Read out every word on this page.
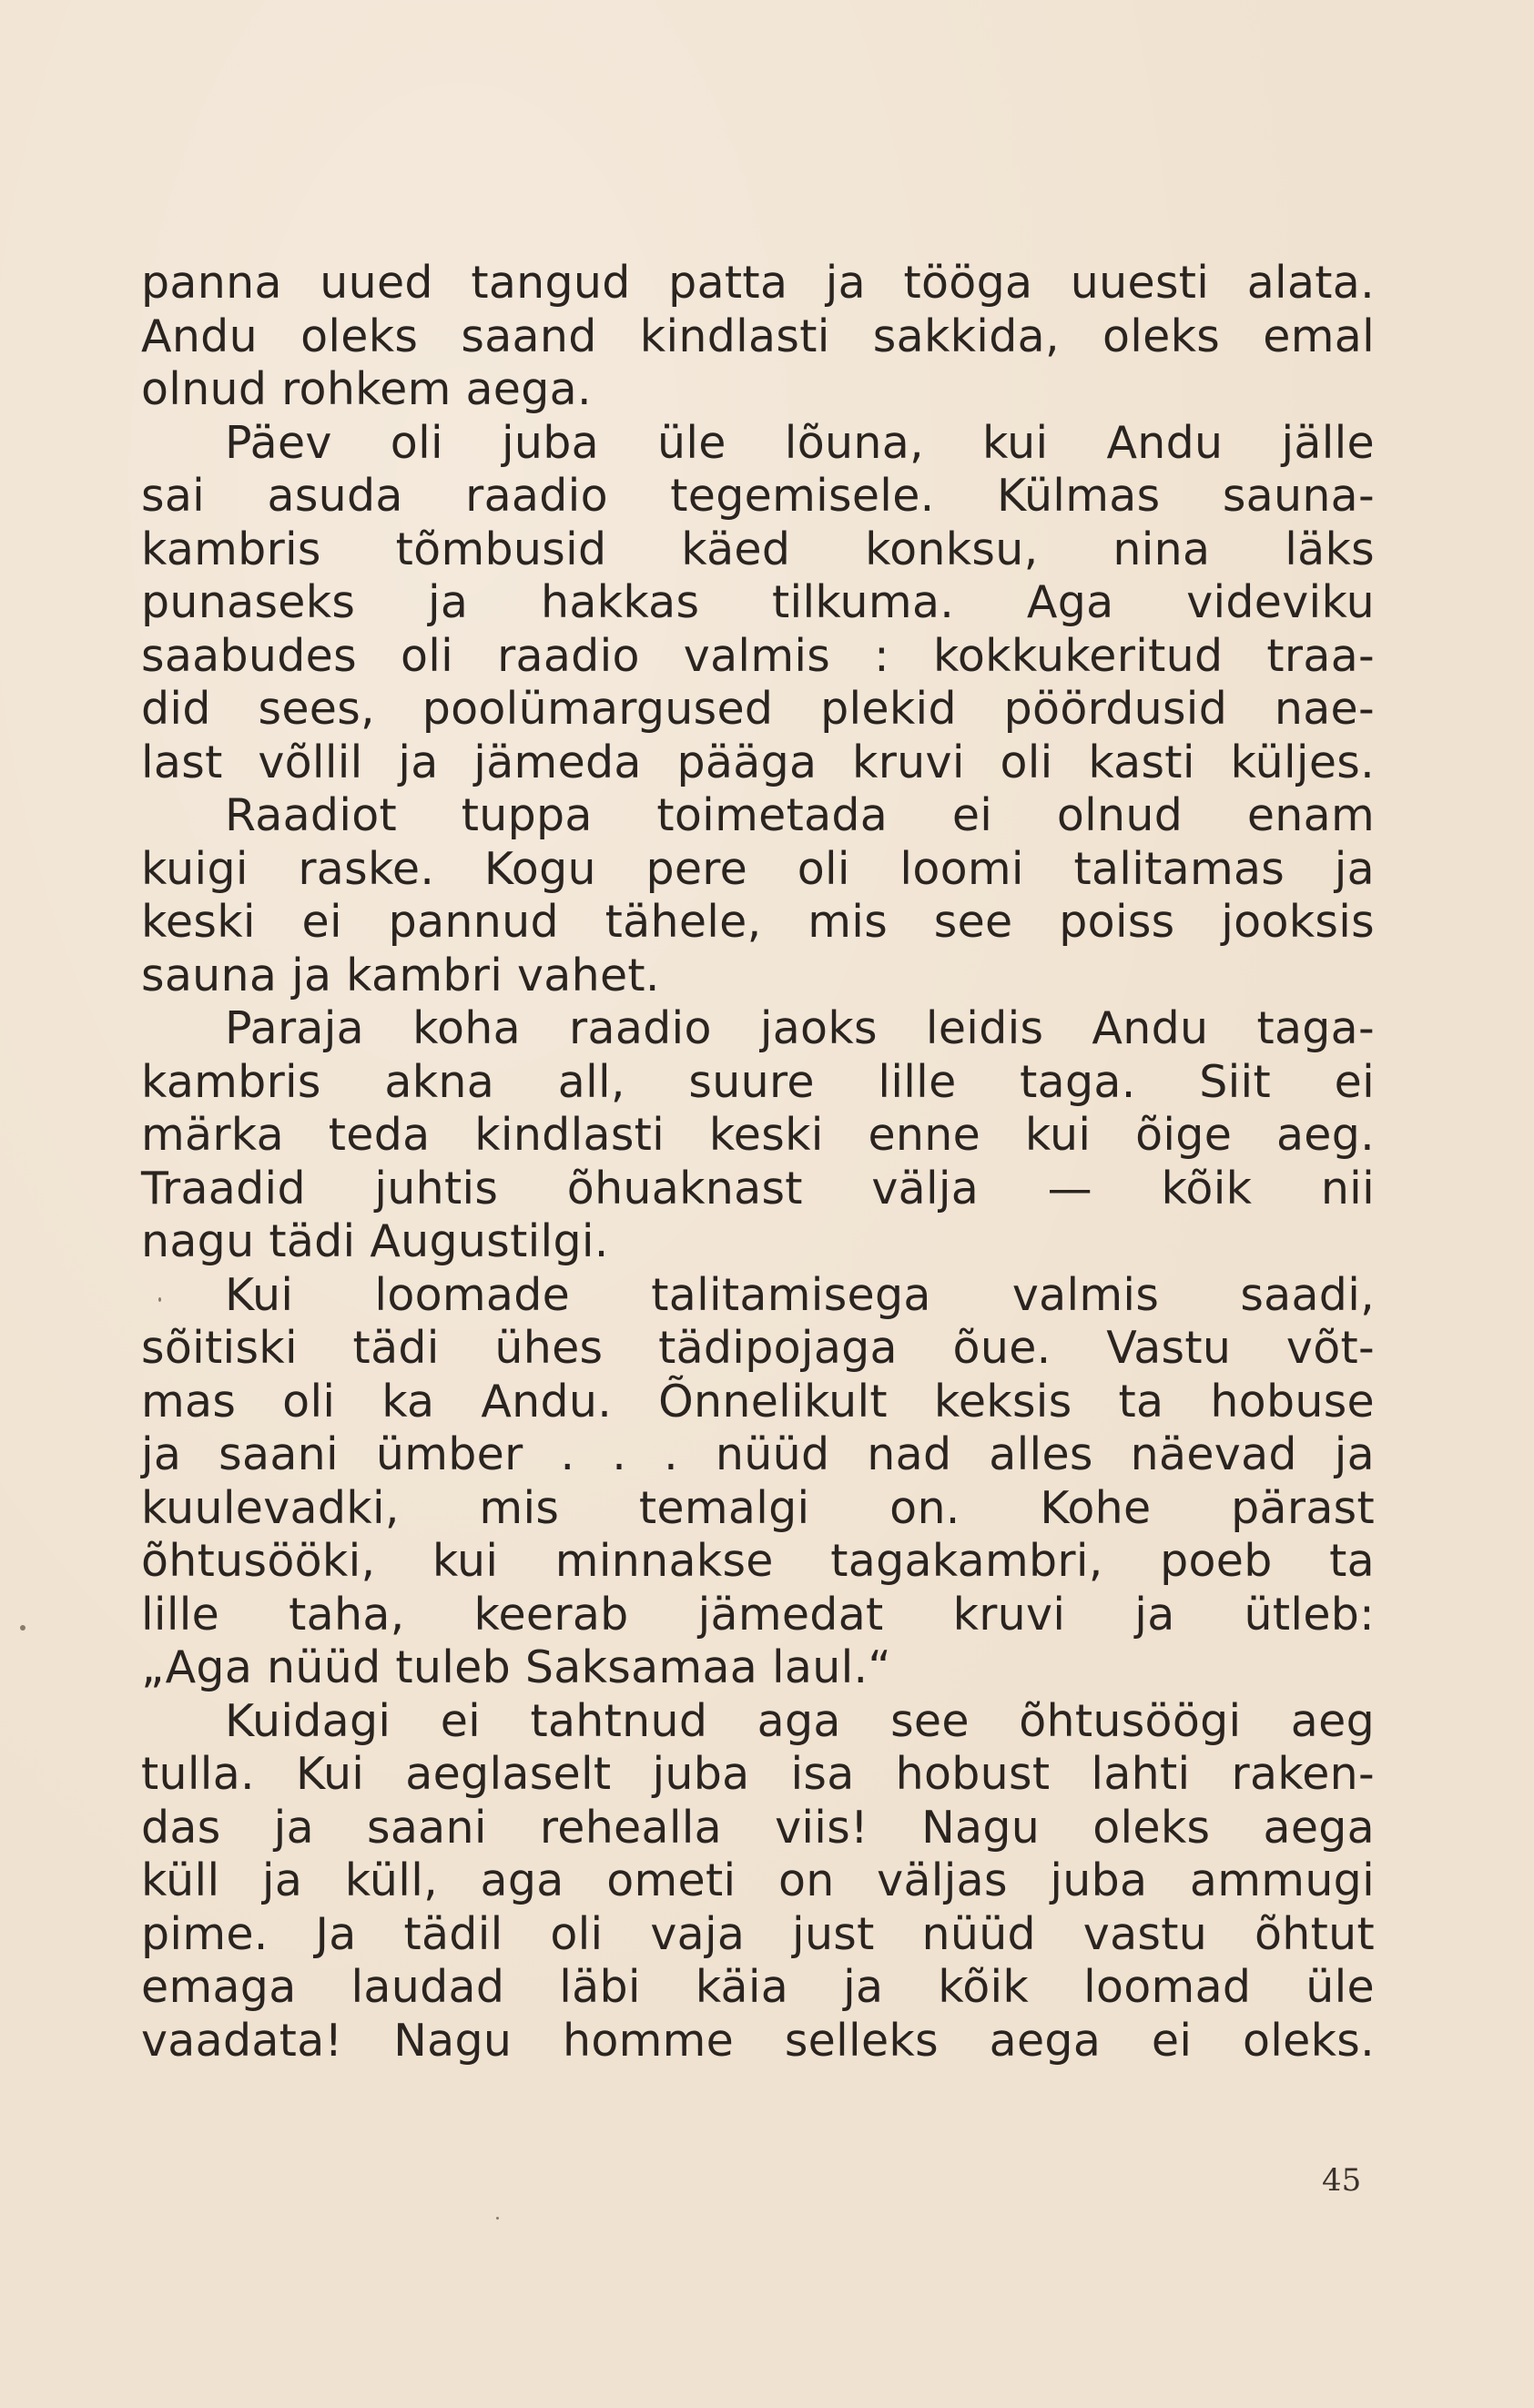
panna uued tangud patta ja tööga uuesti alata.
Andu oleks saand kindlasti sakkida, oleks emal
olnud rohkem aega.
Päev oli juba üle lõuna, kui Andu jälle
sai asuda raadio tegemisele. Külmas sauna-
kambris tõmbusid käed konksu, nina läks
punaseks ja hakkas tilkuma. Aga videviku
saabudes oli raadio valmis : kokkukeritud traa-
did sees, poolümargused plekid pöördusid nae-
last võllil ja jämeda pääga kruvi oli kasti küljes.
Raadiot tuppa toimetada ei olnud enam
kuigi raske. Kogu pere oli loomi talitamas ja
keski ei pannud tähele, mis see poiss jooksis
sauna ja kambri vahet.
Paraja koha raadio jaoks leidis Andu taga-
kambris akna all, suure lille taga. Siit ei
märka teda kindlasti keski enne kui õige aeg.
Traadid juhtis õhuaknast välja — kõik nii
nagu tädi Augustilgi.
Kui loomade talitamisega valmis saadi,
sõitiski tädi ühes tädipojaga õue. Vastu võt-
mas oli ka Andu. Õnnelikult keksis ta hobuse
ja saani ümber . . . nüüd nad alles näevad ja
kuulevadki, mis temalgi on. Kohe pärast
õhtusööki, kui minnakse tagakambri, poeb ta
lille taha, keerab jämedat kruvi ja ütleb:
„Aga nüüd tuleb Saksamaa laul.“
Kuidagi ei tahtnud aga see õhtusöögi aeg
tulla. Kui aeglaselt juba isa hobust lahti raken-
das ja saani rehealla viis! Nagu oleks aega
küll ja küll, aga ometi on väljas juba ammugi
pime. Ja tädil oli vaja just nüüd vastu õhtut
emaga laudad läbi käia ja kõik loomad üle
vaadata! Nagu homme selleks aega ei oleks.
45
